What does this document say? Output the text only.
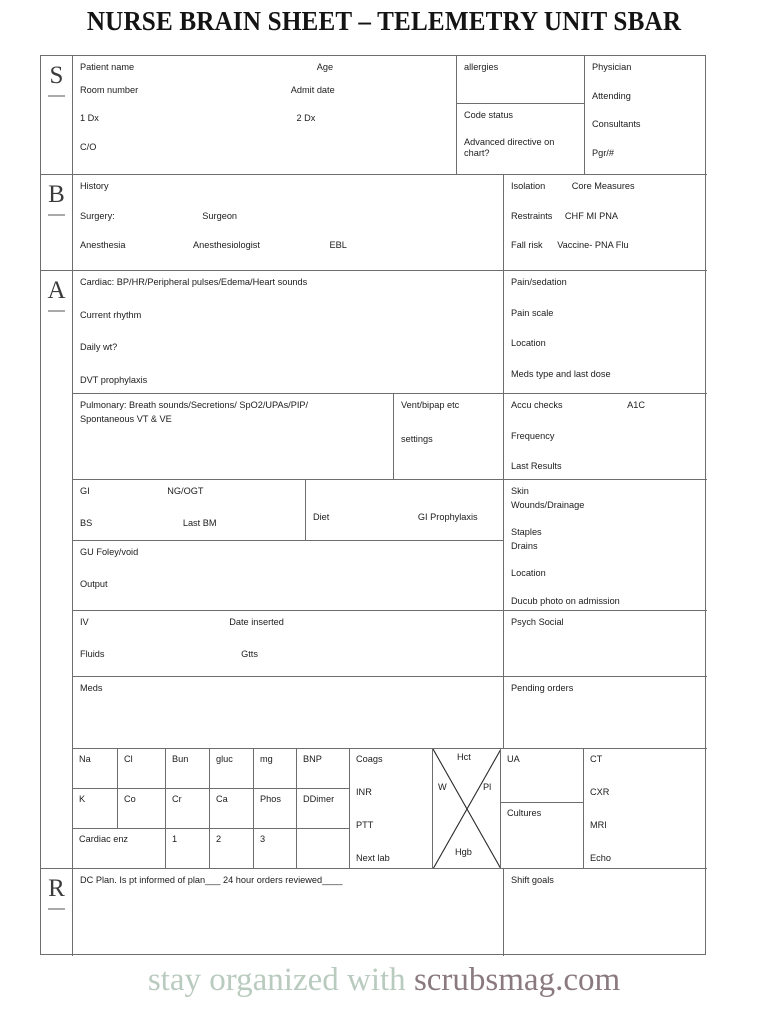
NURSE BRAIN SHEET – TELEMETRY UNIT SBAR
S
B
A
R
Patient name	Age
Room number	Admit date
1 Dx	2 Dx
C/O
allergies
Code status
Advanced directive on chart?
Physician
Attending
Consultants
Pgr/#
History
Surgery:	Surgeon
Anesthesia	Anesthesiologist	EBL
Isolation	Core Measures
Restraints CHF MI PNA
Fall risk Vaccine- PNA Flu
Cardiac: BP/HR/Peripheral pulses/Edema/Heart sounds
Current rhythm
Daily wt?
DVT prophylaxis
Pain/sedation
Pain scale
Location
Meds type and last dose
Pulmonary: Breath sounds/Secretions/ SpO2/UPAs/PIP/
Spontaneous VT & VE
Vent/bipap etc
settings
Accu checks	A1C
Frequency
Last Results
GI	NG/OGT
BS	Last BM
Diet	GI Prophylaxis
Skin
Wounds/Drainage
Staples
Drains
Location
Ducub photo on admission
GU Foley/void
Output
IV	Date inserted
Fluids	Gtts
Psych Social
Meds	Pending orders
Na	Cl	Bun	gluc	mg	BNP
K	Co	Cr	Ca	Phos	DDimer
Cardiac enz	1	2	3
Coags
INR
PTT
Next lab
Hct
W	Pl
Hgb
UA
Cultures
CT
CXR
MRI
Echo
DC Plan. Is pt informed of plan___ 24 hour orders reviewed____	Shift goals
stay organized with scrubsmag.com
